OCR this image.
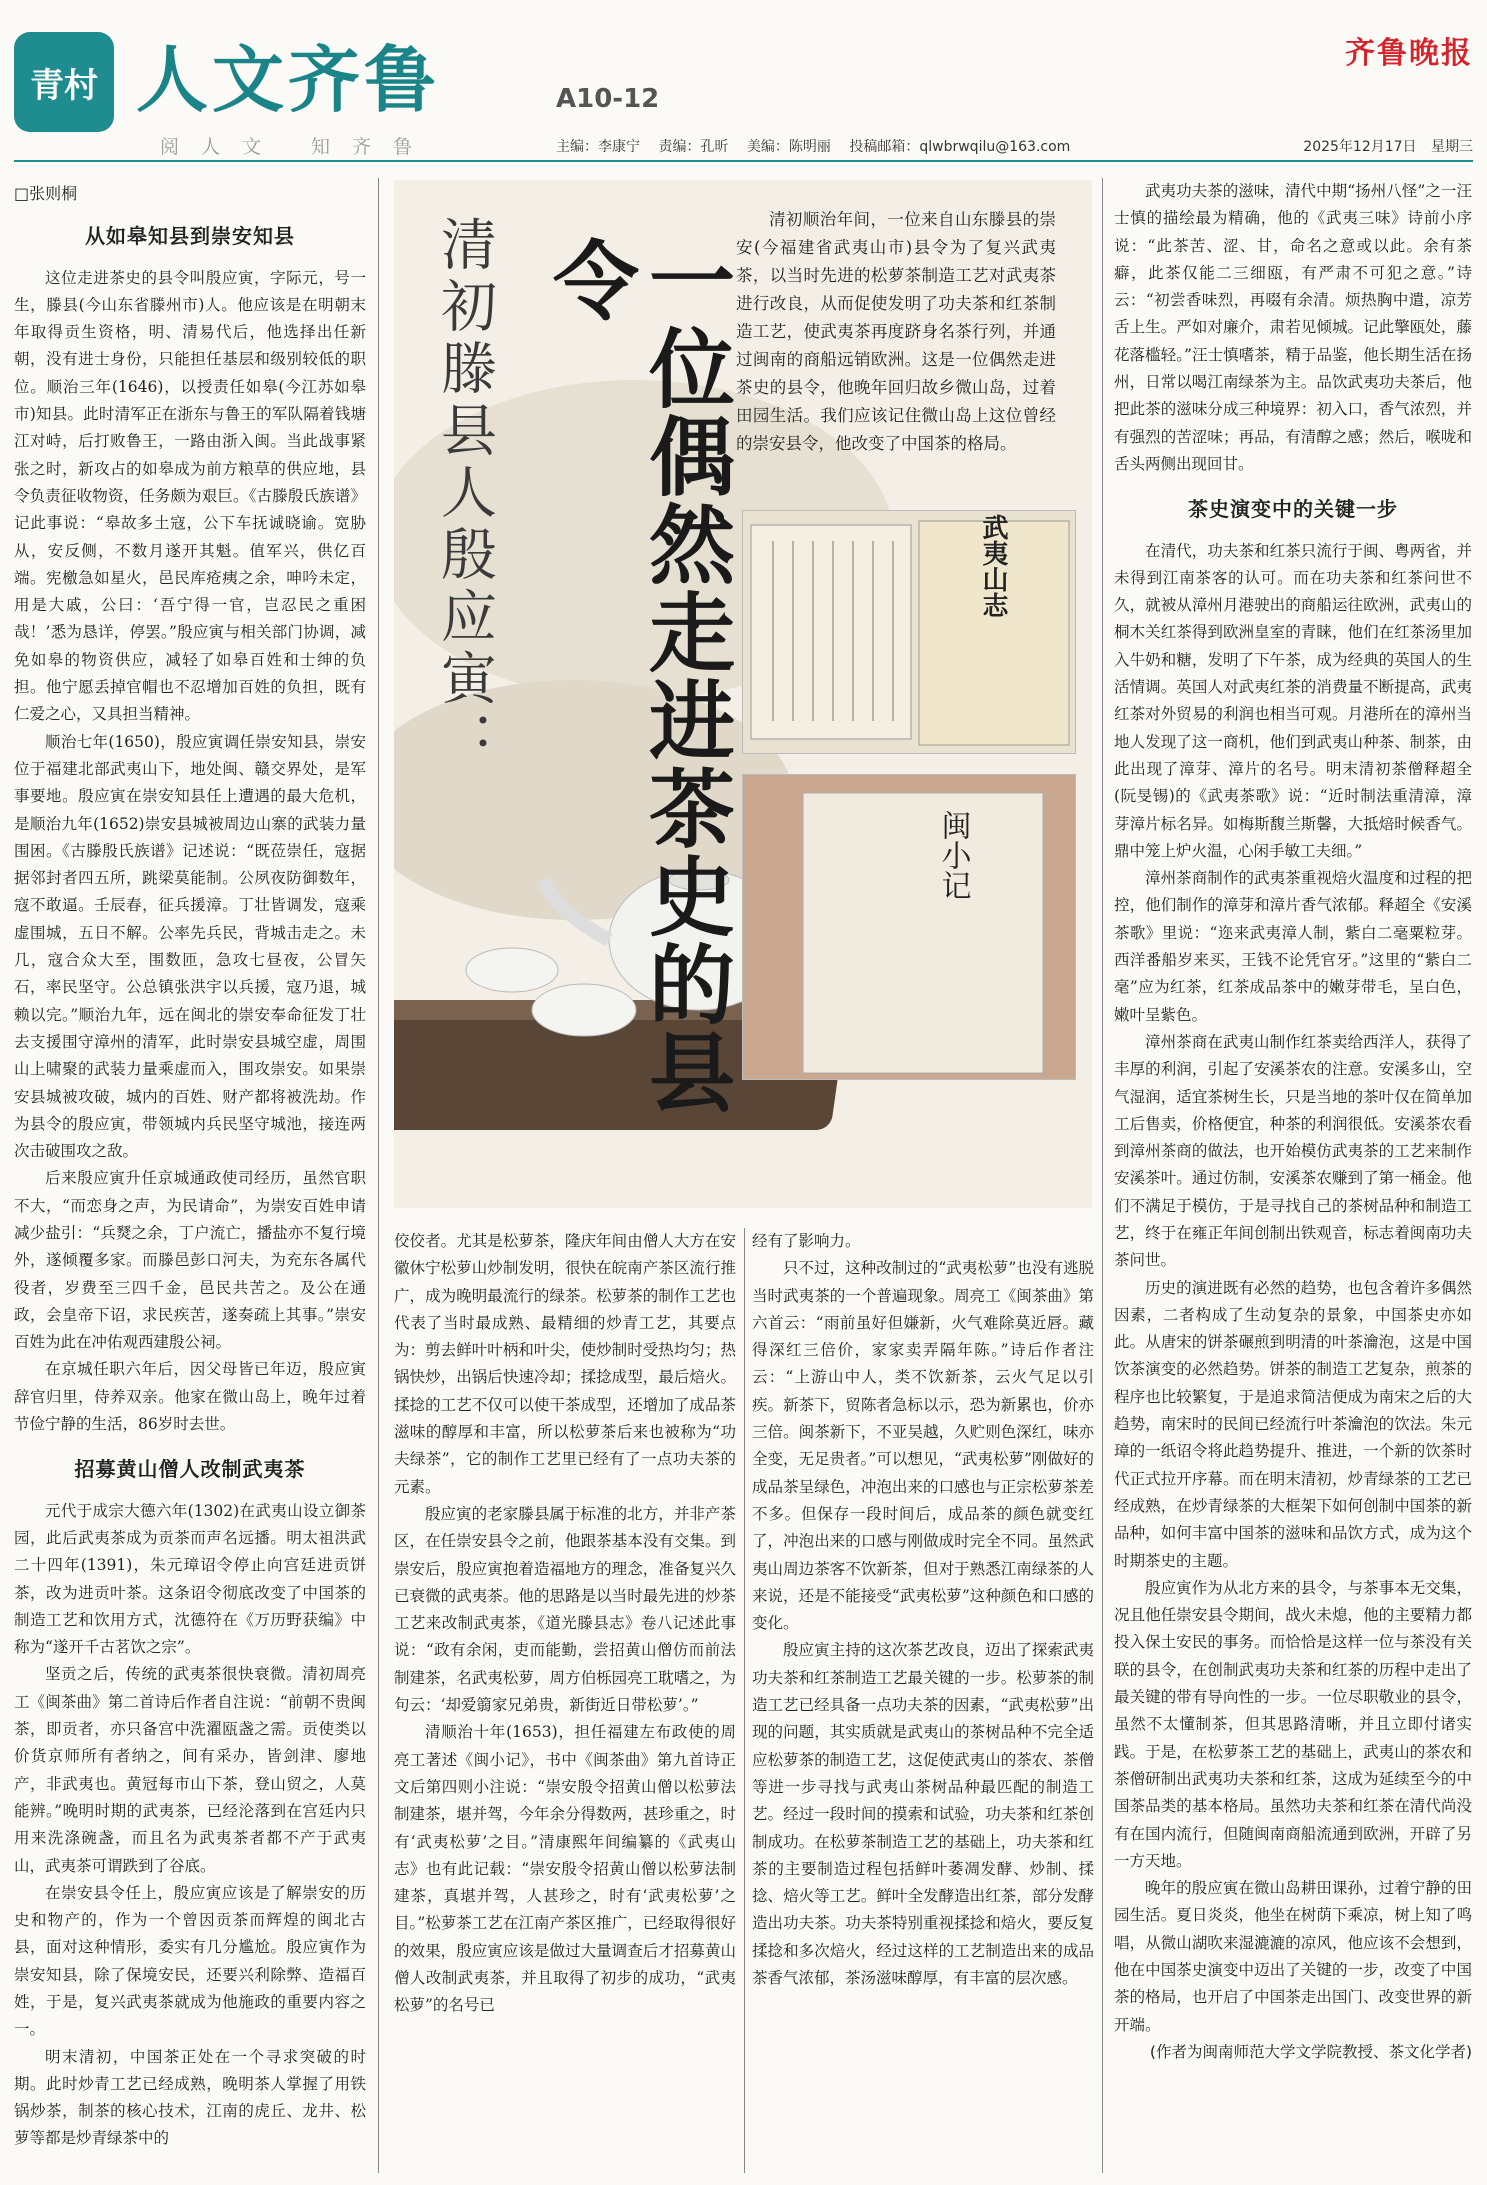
青村 人文齐鲁	A10-12
齐鲁晚报
阅人文 知齐鲁	主编：李康宁 责编：孔昕 美编：陈明丽 投稿邮箱：qlwbrwqilu@163.com	2025年12月17日 星期三
□张则桐
从如皋知县到崇安知县

这位走进茶史的县令叫殷应寅，字际元，号一生，滕县(今山东省滕州市)人。他应该是在明朝末年取得贡生资格，明、清易代后，他选择出任新朝，没有进士身份，只能担任基层和级别较低的职位。顺治三年(1646)，以授责任如皋(今江苏如皋市)知县。此时清军正在浙东与鲁王的军队隔着钱塘江对峙，后打败鲁王，一路由浙入闽。当此战事紧张之时，新攻占的如皋成为前方粮草的供应地，县令负责征收物资，任务颇为艰巨。《古滕殷氏族谱》记此事说：“皋故多土寇，公下车抚诚晓谕。宽胁从，安反侧，不数月遂开其魁。值军兴，供亿百端。宪檄急如星火，邑民库疮痍之余，呻吟未定，用是大戚，公曰：‘吾宁得一官，岂忍民之重困哉！’悉为恳详，停罢。”殷应寅与相关部门协调，减免如皋的物资供应，减轻了如皋百姓和士绅的负担。他宁愿丢掉官帽也不忍增加百姓的负担，既有仁爱之心，又具担当精神。

顺治七年(1650)，殷应寅调任崇安知县，崇安位于福建北部武夷山下，地处闽、赣交界处，是军事要地。殷应寅在崇安知县任上遭遇的最大危机，是顺治九年(1652)崇安县城被周边山寨的武装力量围困。《古滕殷氏族谱》记述说：“既莅崇任，寇据据邻封者四五所，跳梁莫能制。公夙夜防御数年，寇不敢逼。壬辰春，征兵援漳。丁壮皆调发，寇乘虚围城，五日不解。公率先兵民，背城击走之。未几，寇合众大至，围数匝，急攻七昼夜，公冒矢石，率民坚守。公总镇张洪宇以兵援，寇乃退，城赖以完。”顺治九年，远在闽北的崇安奉命征发丁壮去支援围守漳州的清军，此时崇安县城空虚，周围山上啸聚的武装力量乘虚而入，围攻崇安。如果崇安县城被攻破，城内的百姓、财产都将被洗劫。作为县令的殷应寅，带领城内兵民坚守城池，接连两次击破围攻之敌。

后来殷应寅升任京城通政使司经历，虽然官职不大，“而恋身之声，为民请命”，为崇安百姓申请减少盐引：“兵燹之余，丁户流亡，播盐亦不复行境外，遂倾覆多家。而滕邑彭口河夫，为充东各属代役者，岁费至三四千金，邑民共苦之。及公在通政，会皇帝下诏，求民疾苦，遂奏疏上其事。”崇安百姓为此在冲佑观西建殷公祠。

在京城任职六年后，因父母皆已年迈，殷应寅辞官归里，侍养双亲。他家在微山岛上，晚年过着节俭宁静的生活，86岁时去世。

招募黄山僧人改制武夷茶

元代于成宗大德六年(1302)在武夷山设立御茶园，此后武夷茶成为贡茶而声名远播。明太祖洪武二十四年(1391)，朱元璋诏令停止向宫廷进贡饼茶，改为进贡叶茶。这条诏令彻底改变了中国茶的制造工艺和饮用方式，沈德符在《万历野获编》中称为“遂开千古茗饮之宗”。

坚贡之后，传统的武夷茶很快衰微。清初周亮工《闽茶曲》第二首诗后作者自注说：“前朝不贵闽茶，即贡者，亦只备宫中洗濯瓯盏之需。贡使类以价货京师所有者纳之，间有采办，皆剑津、廖地产，非武夷也。黄冠每市山下茶，登山贸之，人莫能辨。”晚明时期的武夷茶，已经沦落到在宫廷内只用来洗涤碗盏，而且名为武夷茶者都不产于武夷山，武夷茶可谓跌到了谷底。

在崇安县令任上，殷应寅应该是了解崇安的历史和物产的，作为一个曾因贡茶而辉煌的闽北古县，面对这种情形，委实有几分尴尬。殷应寅作为崇安知县，除了保境安民，还要兴利除弊、造福百姓，于是，复兴武夷茶就成为他施政的重要内容之一。

明末清初，中国茶正处在一个寻求突破的时期。此时炒青工艺已经成熟，晚明茶人掌握了用铁锅炒茶，制茶的核心技术，江南的虎丘、龙井、松萝等都是炒青绿茶中的

清初滕县人殷应寅：	一位偶然走进茶史的县令
清初顺治年间，一位来自山东滕县的崇安(今福建省武夷山市)县令为了复兴武夷茶，以当时先进的松萝茶制造工艺对武夷茶进行改良，从而促使发明了功夫茶和红茶制造工艺，使武夷茶再度跻身名茶行列，并通过闽南的商船远销欧洲。这是一位偶然走进茶史的县令，他晚年回归故乡微山岛，过着田园生活。我们应该记住微山岛上这位曾经的崇安县令，他改变了中国茶的格局。
武夷山志
闽小记

佼佼者。尤其是松萝茶，隆庆年间由僧人大方在安徽休宁松萝山炒制发明，很快在皖南产茶区流行推广，成为晚明最流行的绿茶。松萝茶的制作工艺也代表了当时最成熟、最精细的炒青工艺，其要点为：剪去鲜叶叶柄和叶尖，使炒制时受热均匀；热锅快炒，出锅后快速冷却；揉捻成型，最后焙火。揉捻的工艺不仅可以使干茶成型，还增加了成品茶滋味的醇厚和丰富，所以松萝茶后来也被称为“功夫绿茶”，它的制作工艺里已经有了一点功夫茶的元素。

殷应寅的老家滕县属于标准的北方，并非产茶区，在任崇安县令之前，他跟茶基本没有交集。到崇安后，殷应寅抱着造福地方的理念，准备复兴久已衰微的武夷茶。他的思路是以当时最先进的炒茶工艺来改制武夷茶，《道光滕县志》卷八记述此事说：“政有余闲，吏而能勤，尝招黄山僧仿而前法制建茶，名武夷松萝，周方伯栎园亮工耽嗜之，为句云：‘却爱篛家兄弟贵，新街近日带松萝’。”

清顺治十年(1653)，担任福建左布政使的周亮工著述《闽小记》，书中《闽茶曲》第九首诗正文后第四则小注说：“崇安殷令招黄山僧以松萝法制建茶，堪并驾，今年余分得数两，甚珍重之，时有‘武夷松萝’之目。”清康熙年间编纂的《武夷山志》也有此记载：“崇安殷令招黄山僧以松萝法制建茶，真堪并驾，人甚珍之，时有‘武夷松萝’之目。”松萝茶工艺在江南产茶区推广，已经取得很好的效果，殷应寅应该是做过大量调查后才招募黄山僧人改制武夷茶，并且取得了初步的成功，“武夷松萝”的名号已

经有了影响力。

只不过，这种改制过的“武夷松萝”也没有逃脱当时武夷茶的一个普遍现象。周亮工《闽茶曲》第六首云：“雨前虽好但嫌新，火气难除莫近唇。藏得深红三倍价，家家卖弄隔年陈。”诗后作者注云：“上游山中人，类不饮新茶，云火气足以引疾。新茶下，贸陈者急标以示，恐为新累也，价亦三倍。闽茶新下，不亚吴越，久贮则色深红，味亦全变，无足贵者。”可以想见，“武夷松萝”刚做好的成品茶呈绿色，冲泡出来的口感也与正宗松萝茶差不多。但保存一段时间后，成品茶的颜色就变红了，冲泡出来的口感与刚做成时完全不同。虽然武夷山周边茶客不饮新茶，但对于熟悉江南绿茶的人来说，还是不能接受“武夷松萝”这种颜色和口感的变化。

殷应寅主持的这次茶艺改良，迈出了探索武夷功夫茶和红茶制造工艺最关键的一步。松萝茶的制造工艺已经具备一点功夫茶的因素，“武夷松萝”出现的问题，其实质就是武夷山的茶树品种不完全适应松萝茶的制造工艺，这促使武夷山的茶农、茶僧等进一步寻找与武夷山茶树品种最匹配的制造工艺。经过一段时间的摸索和试验，功夫茶和红茶创制成功。在松萝茶制造工艺的基础上，功夫茶和红茶的主要制造过程包括鲜叶萎凋发酵、炒制、揉捻、焙火等工艺。鲜叶全发酵造出红茶，部分发酵造出功夫茶。功夫茶特别重视揉捻和焙火，要反复揉捻和多次焙火，经过这样的工艺制造出来的成品茶香气浓郁，茶汤滋味醇厚，有丰富的层次感。

武夷功夫茶的滋味，清代中期“扬州八怪”之一汪士慎的描绘最为精确，他的《武夷三味》诗前小序说：“此茶苦、涩、甘，命名之意或以此。余有茶癖，此茶仅能二三细瓯，有严肃不可犯之意。”诗云：“初尝香味烈，再啜有余清。烦热胸中遣，凉芳舌上生。严如对廉介，肃若见倾城。记此擎瓯处，藤花落槛轻。”汪士慎嗜茶，精于品鉴，他长期生活在扬州，日常以喝江南绿茶为主。品饮武夷功夫茶后，他把此茶的滋味分成三种境界：初入口，香气浓烈，并有强烈的苦涩味；再品，有清醇之感；然后，喉咙和舌头两侧出现回甘。

茶史演变中的关键一步

在清代，功夫茶和红茶只流行于闽、粤两省，并未得到江南茶客的认可。而在功夫茶和红茶问世不久，就被从漳州月港驶出的商船运往欧洲，武夷山的桐木关红茶得到欧洲皇室的青睐，他们在红茶汤里加入牛奶和糖，发明了下午茶，成为经典的英国人的生活情调。英国人对武夷红茶的消费量不断提高，武夷红茶对外贸易的利润也相当可观。月港所在的漳州当地人发现了这一商机，他们到武夷山种茶、制茶，由此出现了漳芽、漳片的名号。明末清初茶僧释超全(阮旻锡)的《武夷茶歌》说：“近时制法重清漳，漳芽漳片标名异。如梅斯馥兰斯馨，大抵焙时候香气。鼎中笼上炉火温，心闲手敏工夫细。”

漳州茶商制作的武夷茶重视焙火温度和过程的把控，他们制作的漳芽和漳片香气浓郁。释超全《安溪茶歌》里说：“迩来武夷漳人制，紫白二毫粟粒芽。西洋番船岁来买，王钱不论凭官牙。”这里的“紫白二毫”应为红茶，红茶成品茶中的嫩芽带毛，呈白色，嫩叶呈紫色。

漳州茶商在武夷山制作红茶卖给西洋人，获得了丰厚的利润，引起了安溪茶农的注意。安溪多山，空气湿润，适宜茶树生长，只是当地的茶叶仅在简单加工后售卖，价格便宜，种茶的利润很低。安溪茶农看到漳州茶商的做法，也开始模仿武夷茶的工艺来制作安溪茶叶。通过仿制，安溪茶农赚到了第一桶金。他们不满足于模仿，于是寻找自己的茶树品种和制造工艺，终于在雍正年间创制出铁观音，标志着闽南功夫茶问世。

历史的演进既有必然的趋势，也包含着许多偶然因素，二者构成了生动复杂的景象，中国茶史亦如此。从唐宋的饼茶碾煎到明清的叶茶瀹泡，这是中国饮茶演变的必然趋势。饼茶的制造工艺复杂，煎茶的程序也比较繁复，于是追求简洁便成为南宋之后的大趋势，南宋时的民间已经流行叶茶瀹泡的饮法。朱元璋的一纸诏令将此趋势提升、推进，一个新的饮茶时代正式拉开序幕。而在明末清初，炒青绿茶的工艺已经成熟，在炒青绿茶的大框架下如何创制中国茶的新品种，如何丰富中国茶的滋味和品饮方式，成为这个时期茶史的主题。

殷应寅作为从北方来的县令，与茶事本无交集，况且他任崇安县令期间，战火未熄，他的主要精力都投入保土安民的事务。而恰恰是这样一位与茶没有关联的县令，在创制武夷功夫茶和红茶的历程中走出了最关键的带有导向性的一步。一位尽职敬业的县令，虽然不太懂制茶，但其思路清晰，并且立即付诸实践。于是，在松萝茶工艺的基础上，武夷山的茶农和茶僧研制出武夷功夫茶和红茶，这成为延续至今的中国茶品类的基本格局。虽然功夫茶和红茶在清代尚没有在国内流行，但随闽南商船流通到欧洲，开辟了另一方天地。

晚年的殷应寅在微山岛耕田课孙，过着宁静的田园生活。夏日炎炎，他坐在树荫下乘凉，树上知了鸣唱，从微山湖吹来湿漉漉的凉风，他应该不会想到，他在中国茶史演变中迈出了关键的一步，改变了中国茶的格局，也开启了中国茶走出国门、改变世界的新开端。

(作者为闽南师范大学文学院教授、茶文化学者)
